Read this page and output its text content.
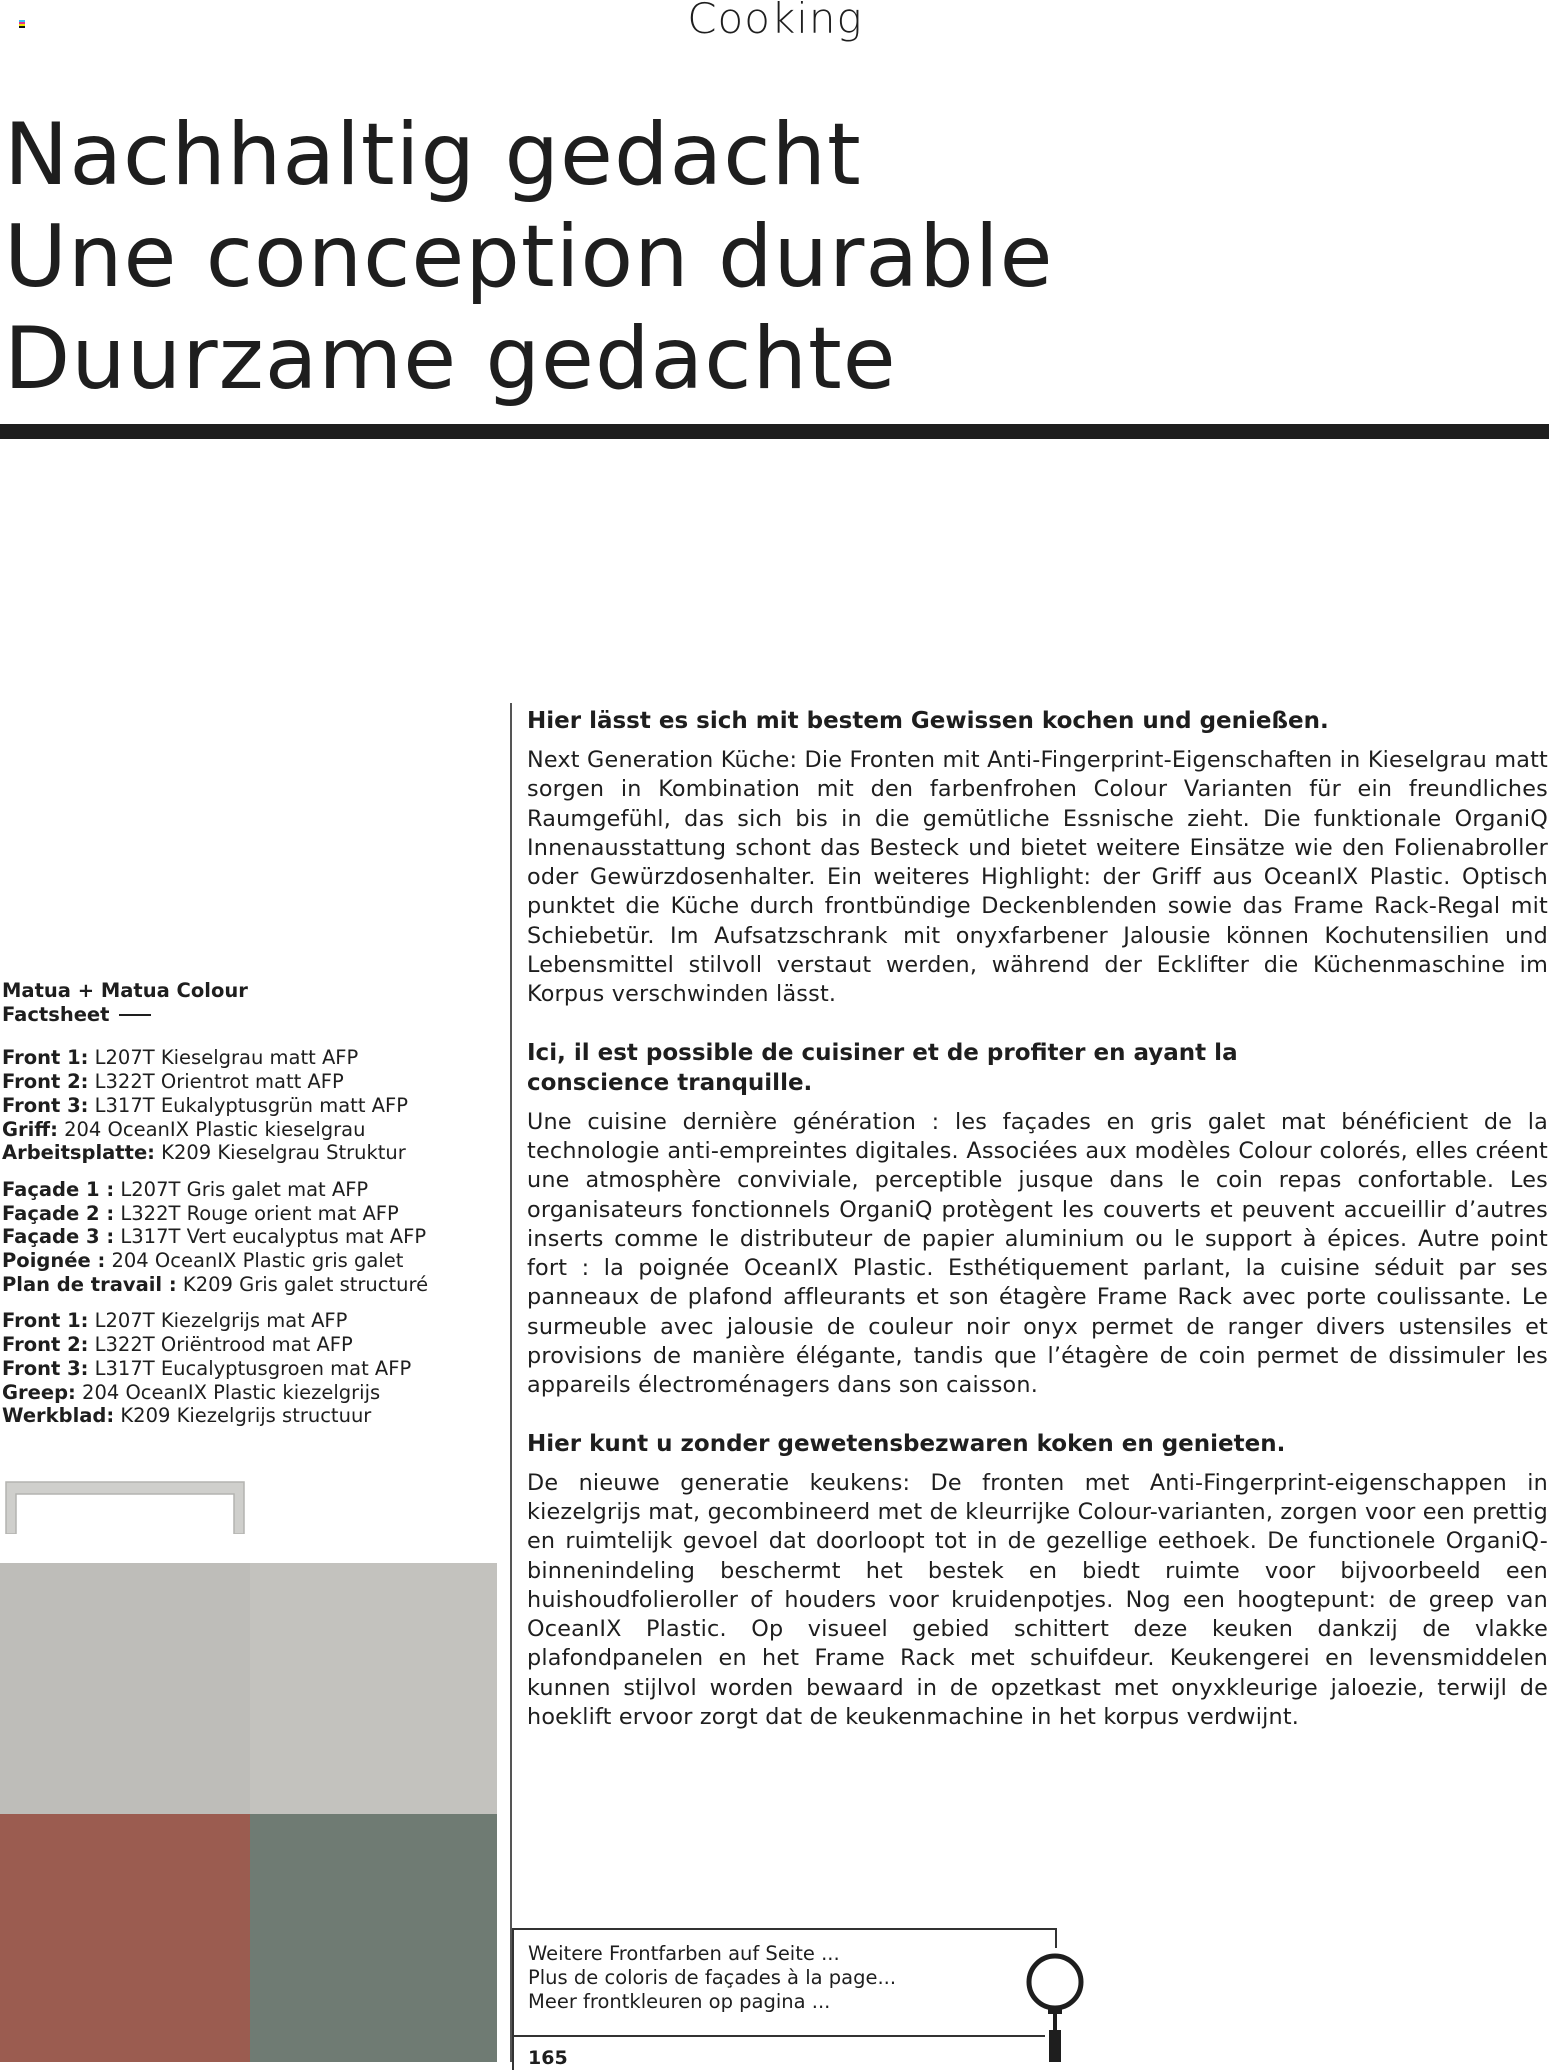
Cooking
Nachhaltig gedacht
Une conception durable
Duurzame gedachte
Matua + Matua Colour
Factsheet
Front 1: L207T Kieselgrau matt AFP
Front 2: L322T Orientrot matt AFP
Front 3: L317T Eukalyptusgrün matt AFP
Griff: 204 OceanIX Plastic kieselgrau
Arbeitsplatte: K209 Kieselgrau Struktur
Façade 1 : L207T Gris galet mat AFP
Façade 2 : L322T Rouge orient mat AFP
Façade 3 : L317T Vert eucalyptus mat AFP
Poignée : 204 OceanIX Plastic gris galet
Plan de travail : K209 Gris galet structuré
Front 1: L207T Kiezelgrijs mat AFP
Front 2: L322T Oriëntrood mat AFP
Front 3: L317T Eucalyptusgroen mat AFP
Greep: 204 OceanIX Plastic kiezelgrijs
Werkblad: K209 Kiezelgrijs structuur
Hier lässt es sich mit bestem Gewissen kochen und genießen.

Next Generation Küche: Die Fronten mit Anti-Fingerprint-Eigenschaften in Kieselgrau matt sorgen in Kombination mit den farbenfrohen Colour Varianten für ein freundliches Raumgefühl, das sich bis in die gemütliche Essnische zieht. Die funktionale OrganiQ Innenausstattung schont das Besteck und bietet weitere Einsätze wie den Folienabroller oder Gewürzdosenhalter. Ein weiteres Highlight: der Griff aus OceanIX Plastic. Optisch punktet die Küche durch frontbündige Deckenblenden sowie das Frame Rack-Regal mit Schiebetür. Im Aufsatzschrank mit onyxfarbener Jalousie können Kochutensilien und Lebensmittel stilvoll verstaut werden, während der Ecklifter die Küchenmaschine im Korpus verschwinden lässt.

Ici, il est possible de cuisiner et de profiter en ayant la conscience tranquille.

Une cuisine dernière génération : les façades en gris galet mat bénéficient de la technologie anti-empreintes digitales. Associées aux modèles Colour colorés, elles créent une atmosphère conviviale, perceptible jusque dans le coin repas confortable. Les organisateurs fonctionnels OrganiQ protègent les couverts et peuvent accueillir d’autres inserts comme le distributeur de papier aluminium ou le support à épices. Autre point fort : la poignée OceanIX Plastic. Esthétiquement parlant, la cuisine séduit par ses panneaux de plafond affleurants et son étagère Frame Rack avec porte coulissante. Le surmeuble avec jalousie de couleur noir onyx permet de ranger divers ustensiles et provisions de manière élégante, tandis que l’étagère de coin permet de dissimuler les appareils électroménagers dans son caisson.

Hier kunt u zonder gewetensbezwaren koken en genieten.

De nieuwe generatie keukens: De fronten met Anti-Fingerprint-eigenschappen in kiezelgrijs mat, gecombineerd met de kleurrijke Colour-varianten, zorgen voor een prettig en ruimtelijk gevoel dat doorloopt tot in de gezellige eethoek. De functionele OrganiQ-binnenindeling beschermt het bestek en biedt ruimte voor bijvoorbeeld een huishoudfolieroller of houders voor kruidenpotjes. Nog een hoogtepunt: de greep van OceanIX Plastic. Op visueel gebied schittert deze keuken dankzij de vlakke plafondpanelen en het Frame Rack met schuifdeur. Keukengerei en levensmiddelen kunnen stijlvol worden bewaard in de opzetkast met onyxkleurige jaloezie, terwijl de hoeklift ervoor zorgt dat de keukenmachine in het korpus verdwijnt.

Weitere Frontfarben auf Seite ...
Plus de coloris de façades à la page...
Meer frontkleuren op pagina ...
165
